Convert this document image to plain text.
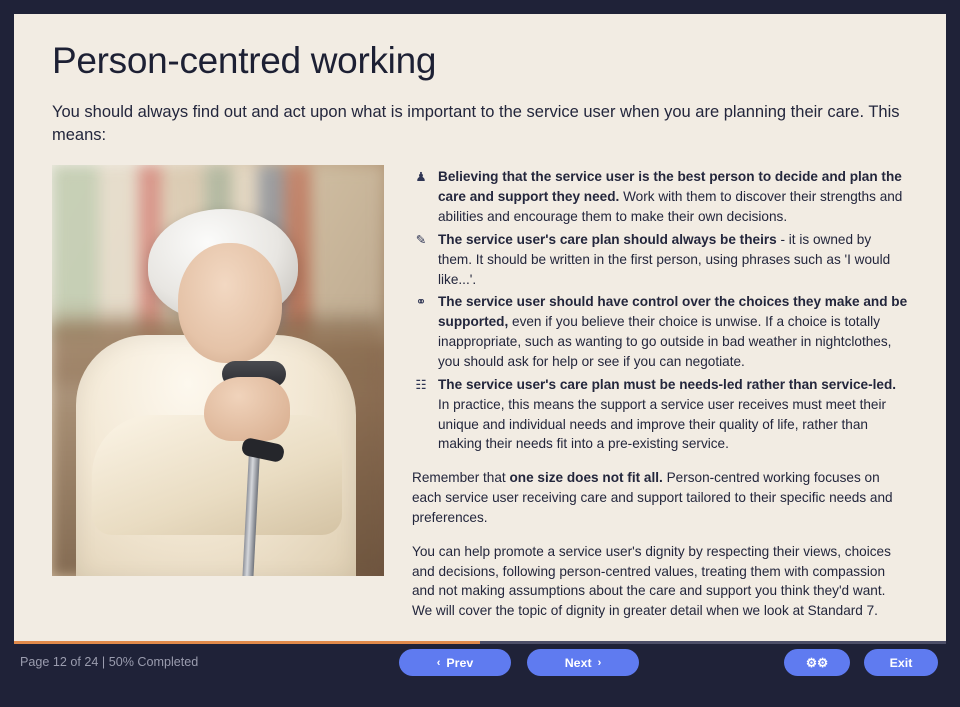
Person-centred working

You should always find out and act upon what is important to the service user when you are planning their care. This means:

♟ Believing that the service user is the best person to decide and plan the care and support they need. Work with them to discover their strengths and abilities and encourage them to make their own decisions.
✎ The service user's care plan should always be theirs - it is owned by them. It should be written in the first person, using phrases such as 'I would like...'.
⚭ The service user should have control over the choices they make and be supported, even if you believe their choice is unwise. If a choice is totally inappropriate, such as wanting to go outside in bad weather in nightclothes, you should ask for help or see if you can negotiate.
☷ The service user's care plan must be needs-led rather than service-led. In practice, this means the support a service user receives must meet their unique and individual needs and improve their quality of life, rather than making their needs fit into a pre-existing service.

Remember that one size does not fit all. Person-centred working focuses on each service user receiving care and support tailored to their specific needs and preferences.

You can help promote a service user's dignity by respecting their views, choices and decisions, following person-centred values, treating them with compassion and not making assumptions about the care and support you think they'd want. We will cover the topic of dignity in greater detail when we look at Standard 7.

Page 12 of 24 | 50% Completed	‹ Prev	Next ›	⚙⚙	Exit
